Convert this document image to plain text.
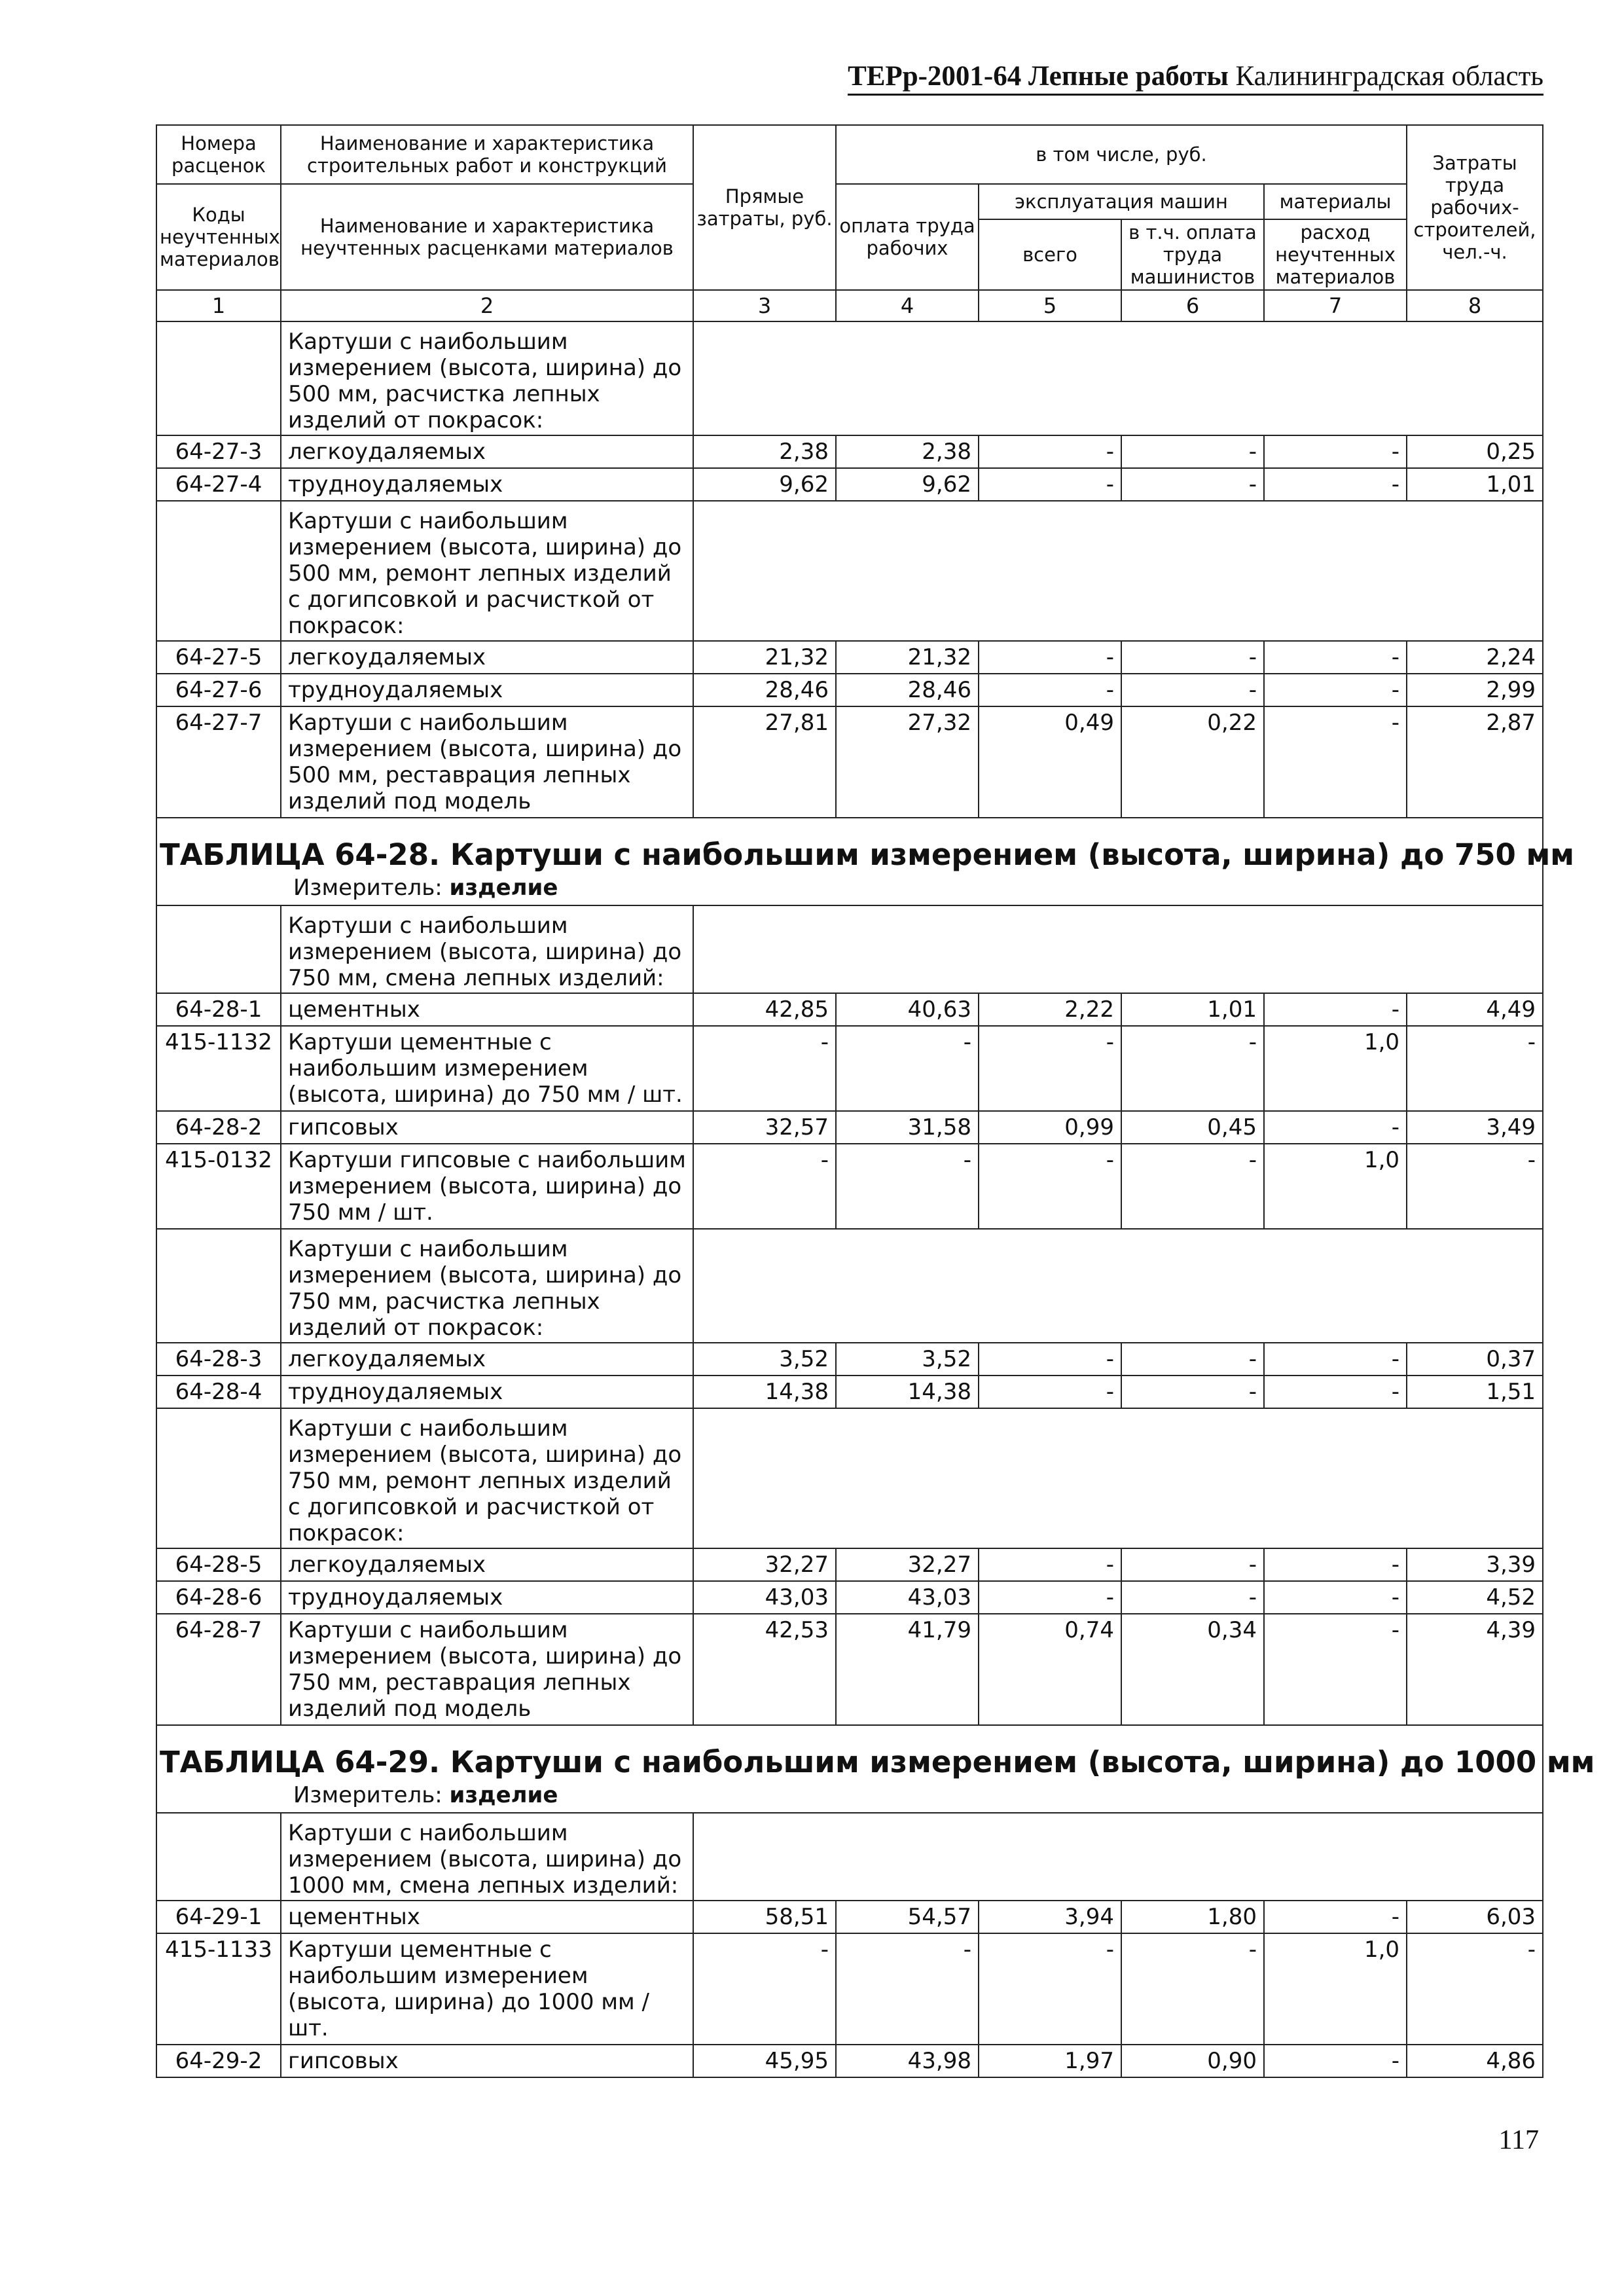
ТЕРр-2001-64 Лепные работы Калининградская область
Номера расценок	Наименование и характеристика строительных работ и конструкций	Прямые затраты, руб.	в том числе, руб.				Затраты труда рабочих-строителей, чел.-ч.
Коды неучтенных материалов	Наименование и характеристика неучтенных расценками материалов		оплата труда рабочих	эксплуатация машин		материалы	
				всего	в т.ч. оплата труда машинистов	расход неучтенных материалов	
1	2	3	4	5	6	7	8
	Картуши с наибольшим измерением (высота, ширина) до 500 мм, расчистка лепных изделий от покрасок:						
64-27-3	легкоудаляемых	2,38	2,38	-	-	-	0,25
64-27-4	трудноудаляемых	9,62	9,62	-	-	-	1,01
	Картуши с наибольшим измерением (высота, ширина) до 500 мм, ремонт лепных изделий с догипсовкой и расчисткой от покрасок:						
64-27-5	легкоудаляемых	21,32	21,32	-	-	-	2,24
64-27-6	трудноудаляемых	28,46	28,46	-	-	-	2,99
64-27-7	Картуши с наибольшим измерением (высота, ширина) до 500 мм, реставрация лепных изделий под модель	27,81	27,32	0,49	0,22	-	2,87

ТАБЛИЦА 64-28. Картуши с наибольшим измерением (высота, ширина) до 750 мм
Измеритель: изделие							

	Картуши с наибольшим измерением (высота, ширина) до 750 мм, смена лепных изделий:						
64-28-1	цементных	42,85	40,63	2,22	1,01	-	4,49
415-1132	Картуши цементные с наибольшим измерением (высота, ширина) до 750 мм / шт.	-	-	-	-	1,0	-
64-28-2	гипсовых	32,57	31,58	0,99	0,45	-	3,49
415-0132	Картуши гипсовые с наибольшим измерением (высота, ширина) до 750 мм / шт.	-	-	-	-	1,0	-
	Картуши с наибольшим измерением (высота, ширина) до 750 мм, расчистка лепных изделий от покрасок:						
64-28-3	легкоудаляемых	3,52	3,52	-	-	-	0,37
64-28-4	трудноудаляемых	14,38	14,38	-	-	-	1,51
	Картуши с наибольшим измерением (высота, ширина) до 750 мм, ремонт лепных изделий с догипсовкой и расчисткой от покрасок:						
64-28-5	легкоудаляемых	32,27	32,27	-	-	-	3,39
64-28-6	трудноудаляемых	43,03	43,03	-	-	-	4,52
64-28-7	Картуши с наибольшим измерением (высота, ширина) до 750 мм, реставрация лепных изделий под модель	42,53	41,79	0,74	0,34	-	4,39

ТАБЛИЦА 64-29. Картуши с наибольшим измерением (высота, ширина) до 1000 мм
Измеритель: изделие							

	Картуши с наибольшим измерением (высота, ширина) до 1000 мм, смена лепных изделий:						
64-29-1	цементных	58,51	54,57	3,94	1,80	-	6,03
415-1133	Картуши цементные с наибольшим измерением (высота, ширина) до 1000 мм / шт.	-	-	-	-	1,0	-
64-29-2	гипсовых	45,95	43,98	1,97	0,90	-	4,86
117
